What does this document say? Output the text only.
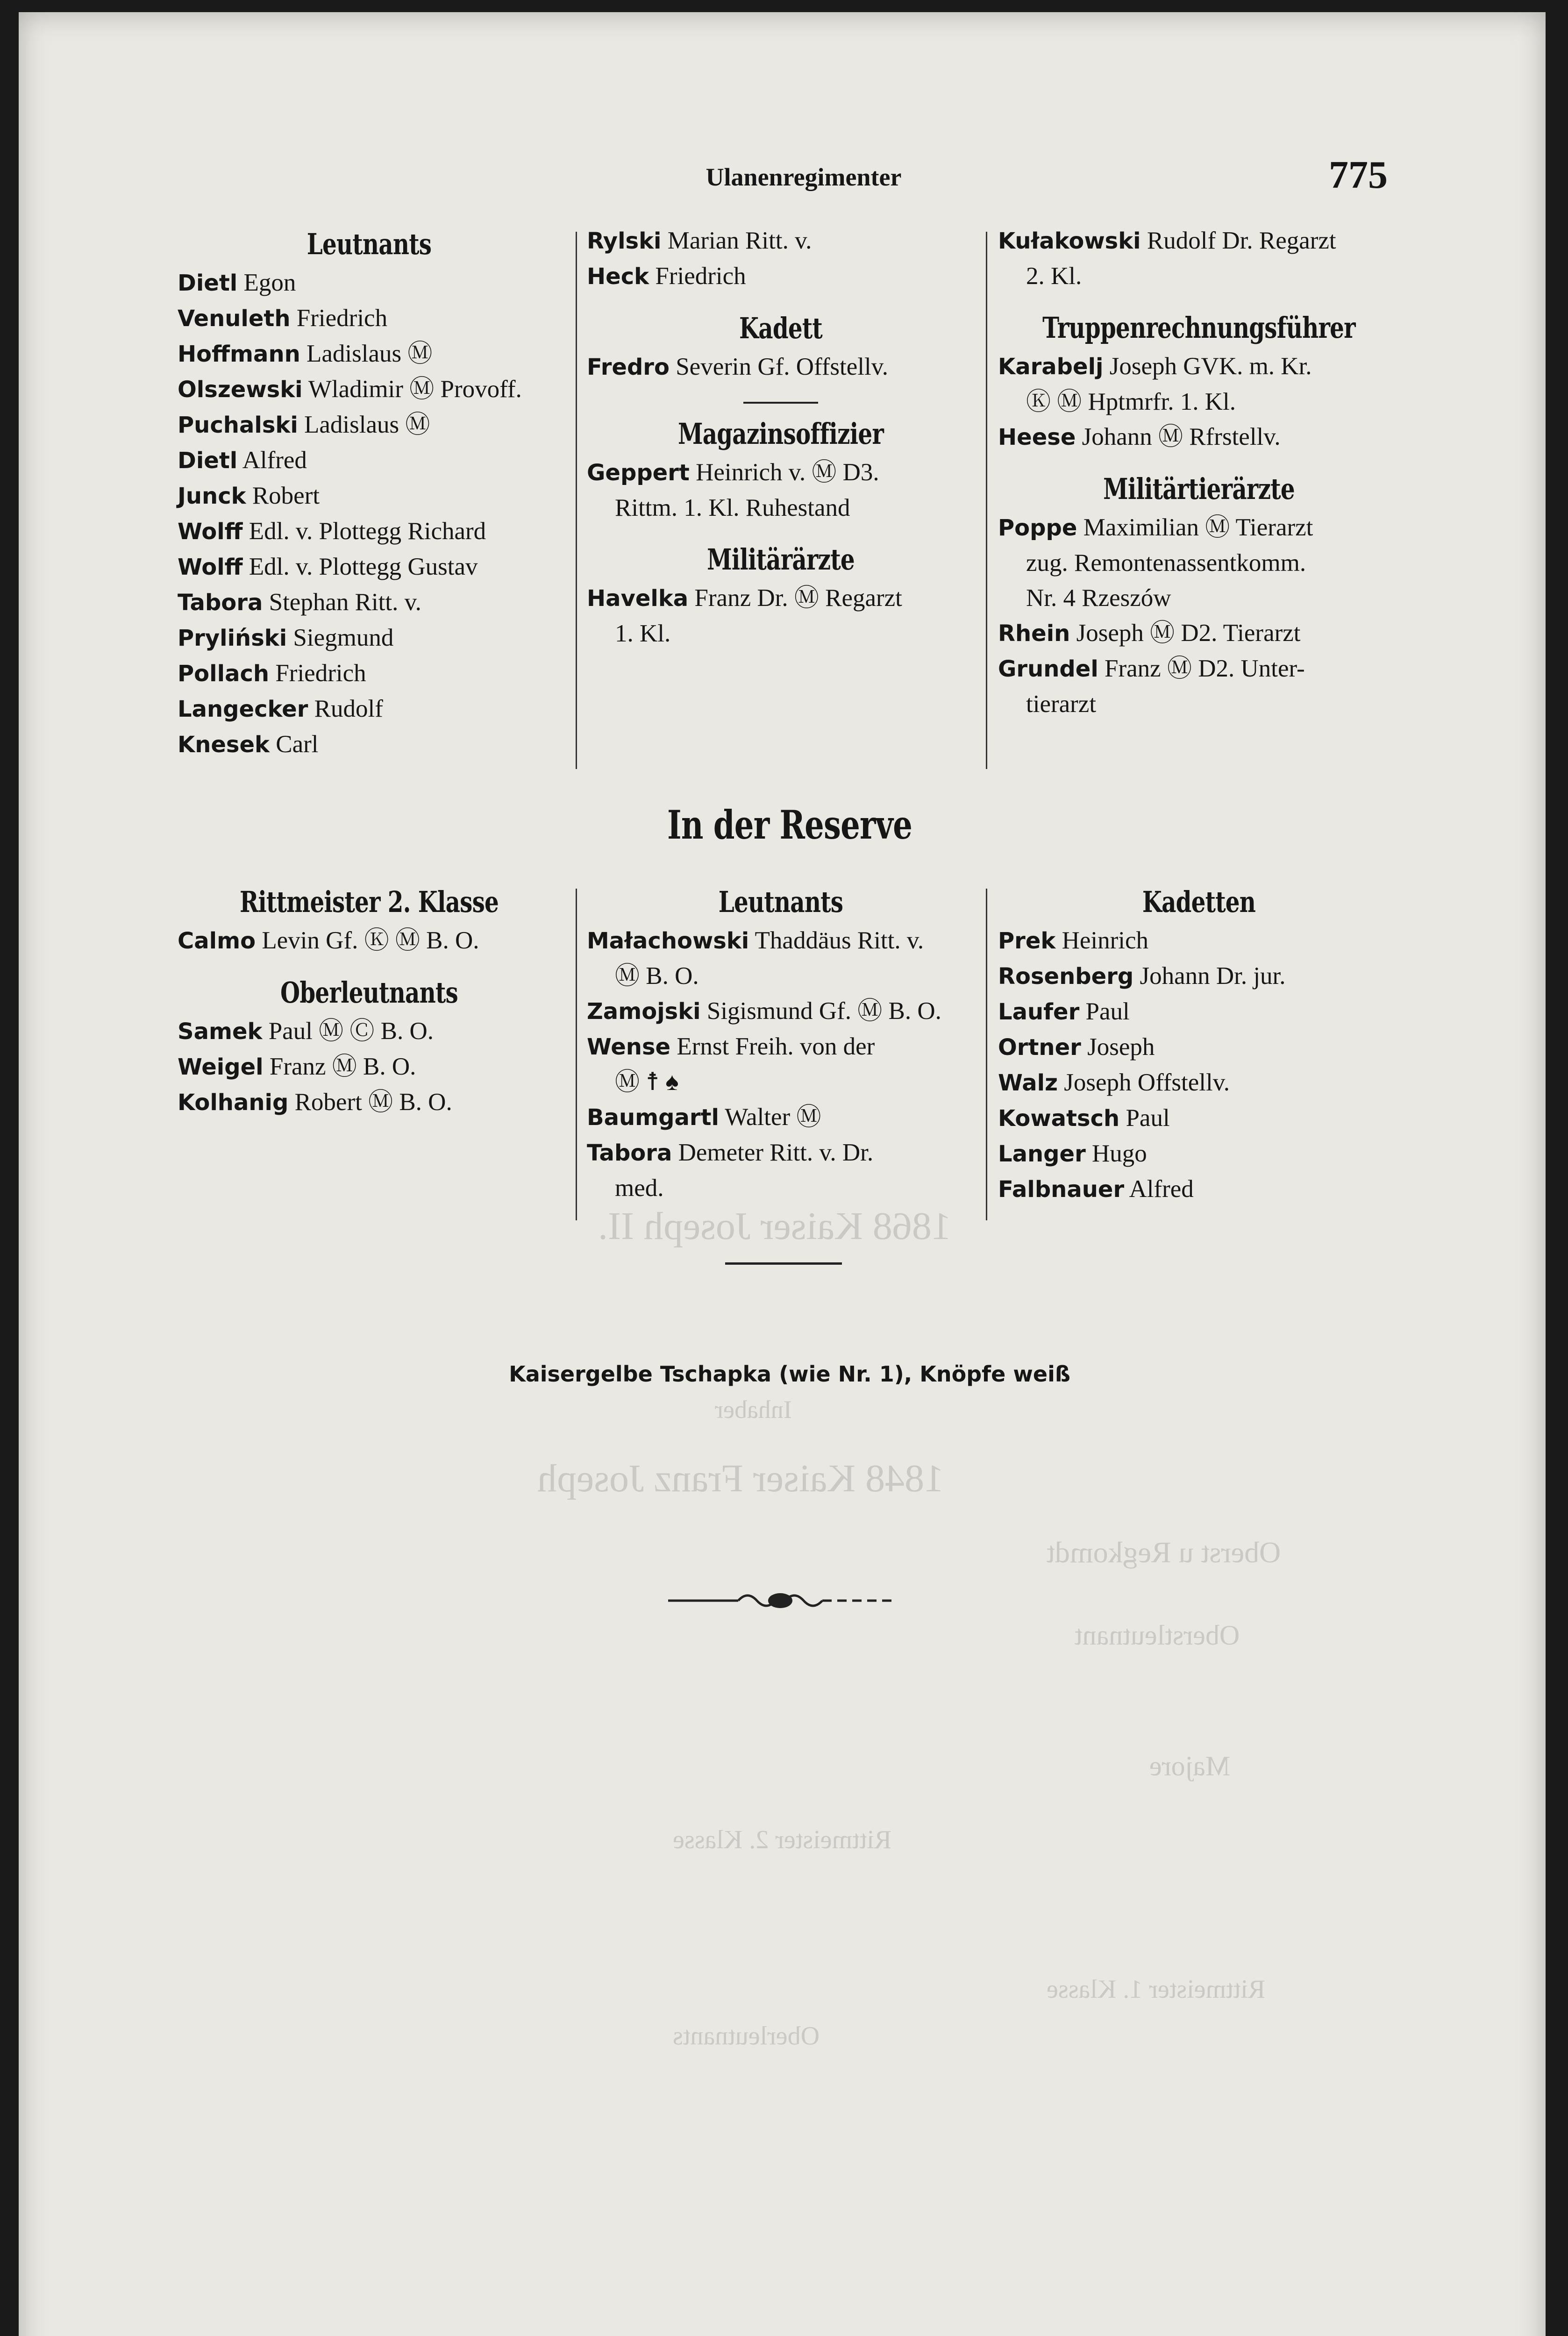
1848 Kaiser Franz Joseph
1868 Kaiser Joseph II.
Inhaber
Oberst u Regkomdt
Oberstleutnant
Majore
Rittmeister 1. Klasse
Rittmeister 2. Klasse
Oberleutnants
Ulanenregimenter	775
Leutnants
Dietl Egon
Venuleth Friedrich
Hoffmann Ladislaus Ⓜ
Olszewski Wladimir Ⓜ Provoff.
Puchalski Ladislaus Ⓜ
Dietl Alfred
Junck Robert
Wolff Edl. v. Plottegg Richard
Wolff Edl. v. Plottegg Gustav
Tabora Stephan Ritt. v.
Pryliński Siegmund
Pollach Friedrich
Langecker Rudolf
Knesek Carl
Rylski Marian Ritt. v.
Heck Friedrich
Kadett
Fredro Severin Gf. Offstellv.
Magazinsoffizier
Geppert Heinrich v. Ⓜ D3.
Rittm. 1. Kl. Ruhestand
Militärärzte
Havelka Franz Dr. Ⓜ Regarzt
1. Kl.
Kułakowski Rudolf Dr. Regarzt
2. Kl.
Truppenrechnungsführer
Karabelj Joseph GVK. m. Kr.
Ⓚ Ⓜ Hptmrfr. 1. Kl.
Heese Johann Ⓜ Rfrstellv.
Militärtierärzte
Poppe Maximilian Ⓜ Tierarzt
zug. Remontenassentkomm.
Nr. 4 Rzeszów
Rhein Joseph Ⓜ D2. Tierarzt
Grundel Franz Ⓜ D2. Unter-
tierarzt
In der Reserve
Rittmeister 2. Klasse
Calmo Levin Gf. Ⓚ Ⓜ B. O.
Oberleutnants
Samek Paul Ⓜ Ⓒ B. O.
Weigel Franz Ⓜ B. O.
Kolhanig Robert Ⓜ B. O.
Leutnants
Małachowski Thaddäus Ritt. v.
Ⓜ B. O.
Zamojski Sigismund Gf. Ⓜ B. O.
Wense Ernst Freih. von der
Ⓜ ☨ ♠
Baumgartl Walter Ⓜ
Tabora Demeter Ritt. v. Dr.
med.
Kadetten
Prek Heinrich
Rosenberg Johann Dr. jur.
Laufer Paul
Ortner Joseph
Walz Joseph Offstellv.
Kowatsch Paul
Langer Hugo
Falbnauer Alfred
Kaisergelbe Tschapka (wie Nr. 1), Knöpfe weiß
